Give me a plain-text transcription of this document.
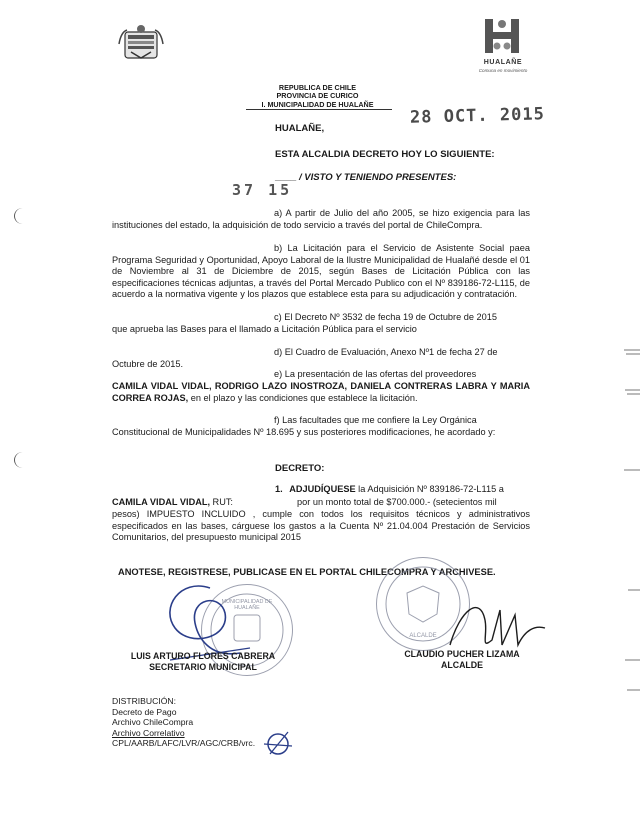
HUALAÑE
Comuna en movimiento
REPUBLICA DE CHILE
PROVINCIA DE CURICO
I. MUNICIPALIDAD DE HUALAÑE
HUALAÑE,
28 OCT. 2015
ESTA ALCALDIA DECRETO HOY LO SIGUIENTE:
____ / VISTO Y TENIENDO PRESENTES:
37 15
a) A partir de Julio del año 2005, se hizo exigencia para las instituciones del estado, la adquisición de todo servicio a través del portal de ChileCompra.
b) La Licitación para el Servicio de Asistente Social paea Programa Seguridad y Oportunidad, Apoyo Laboral de la Ilustre Municipalidad de Hualañé desde el 01 de Noviembre al 31 de Diciembre de 2015, según Bases de Licitación Pública con las especificaciones técnicas adjuntas, a través del Portal Mercado Publico con el Nº 839186-72-L115, de acuerdo a la normativa vigente y los plazos que establece esta para su adjudicación y contratación.
c) El Decreto Nº 3532 de fecha 19 de Octubre de 2015
que aprueba las Bases para el llamado a Licitación Pública para el servicio
d) El Cuadro de Evaluación, Anexo Nº1 de fecha 27 de
Octubre de 2015.
e) La presentación de las ofertas del proveedores
CAMILA VIDAL VIDAL, RODRIGO LAZO INOSTROZA, DANIELA CONTRERAS LABRA Y MARIA CORREA ROJAS, en el plazo y las condiciones que establece la licitación.
f) Las facultades que me confiere la Ley Orgánica
Constitucional de Municipalidades Nº 18.695 y sus posteriores modificaciones, he acordado y:
DECRETO:
1. ADJUDÍQUESE la Adquisición Nº 839186-72-L115 a
CAMILA VIDAL VIDAL, RUT:	por un monto total de $700.000.- (setecientos mil
pesos) IMPUESTO INCLUIDO , cumple con todos los requisitos técnicos y administrativos especificados en las bases, cárguese los gastos a la Cuenta Nº 21.04.004 Prestación de Servicios Comunitarios, del presupuesto municipal 2015
ANOTESE, REGISTRESE, PUBLICASE EN EL PORTAL CHILECOMPRA Y ARCHIVESE.
MUNICIPALIDAD DE HUALAÑE
ALCALDE
LUIS ARTURO FLORES CABRERA
SECRETARIO MUNICIPAL
CLAUDIO PUCHER LIZAMA
ALCALDE
DISTRIBUCIÓN:
Decreto de Pago
Archivo ChileCompra
Archivo Correlativo
CPL/AARB/LAFC/LVR/AGC/CRB/vrc.
